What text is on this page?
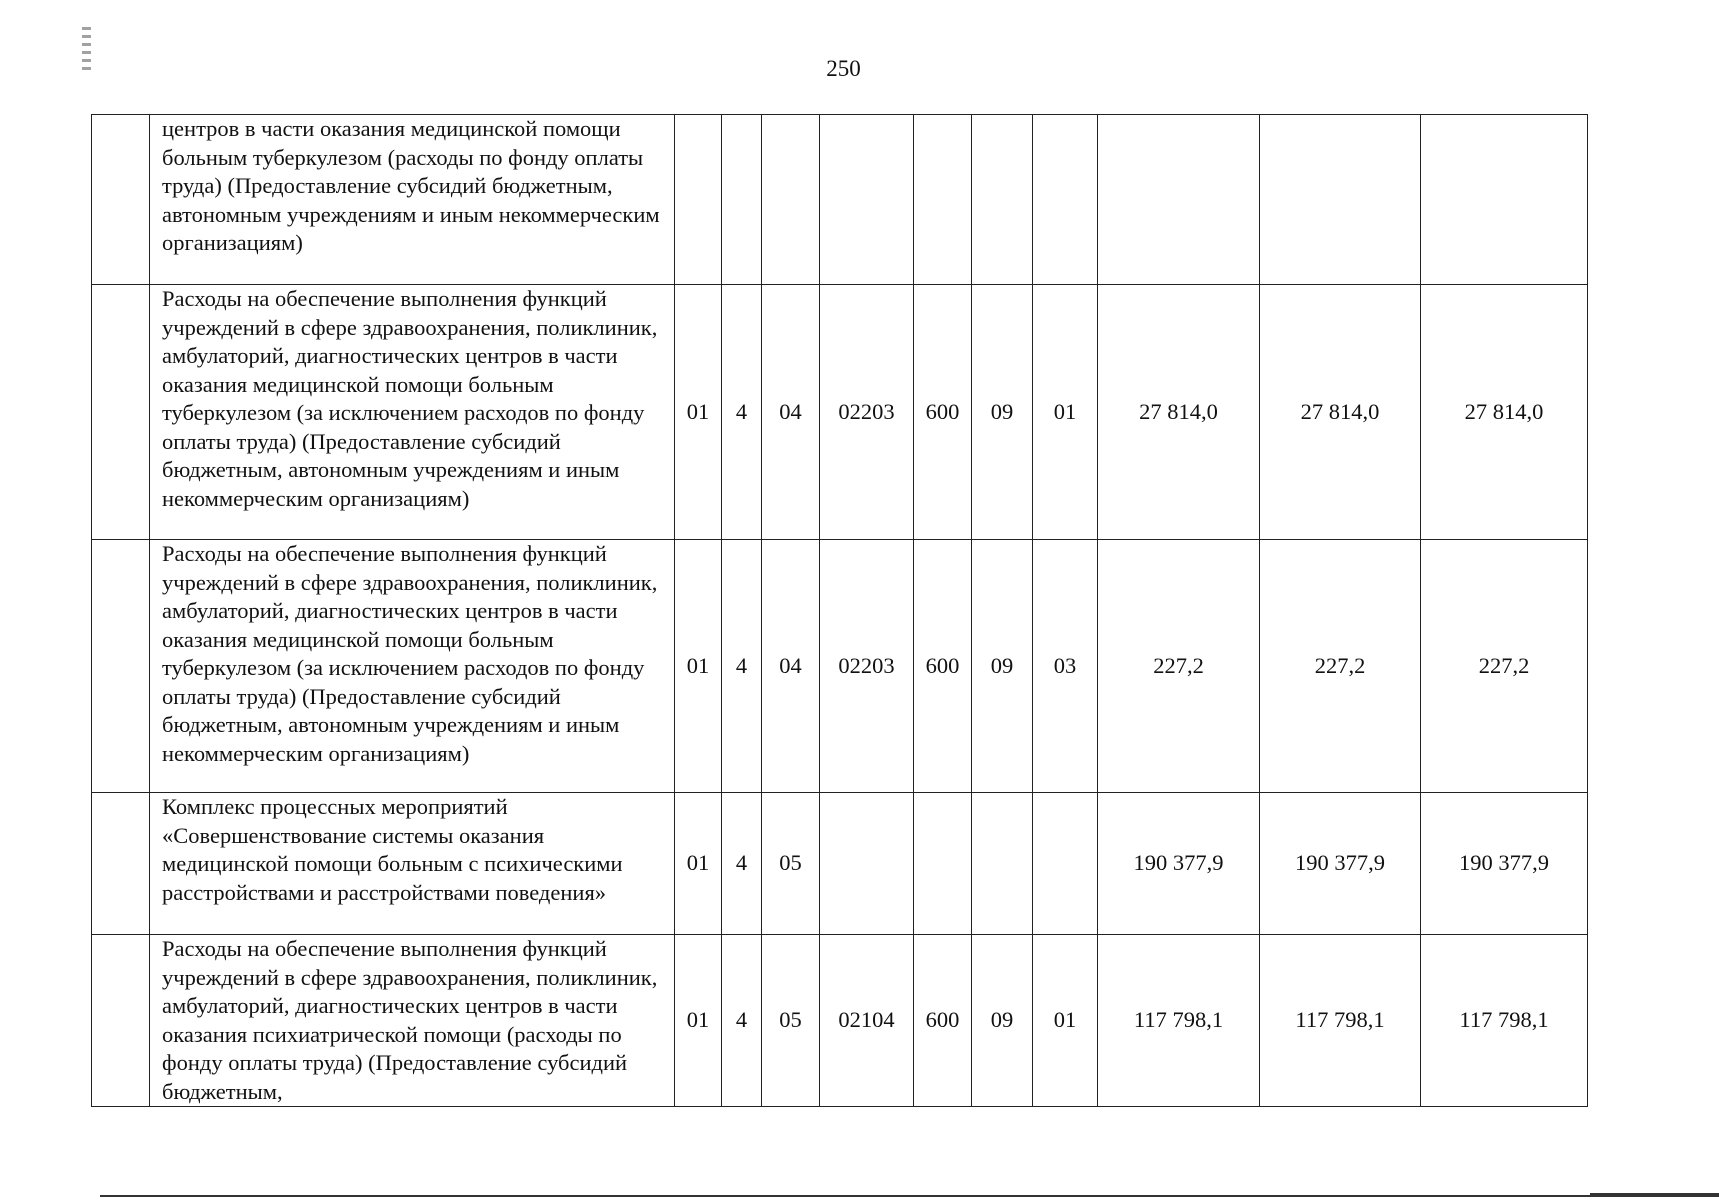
250
	центров в части оказания медицинской помощи больным туберкулезом (расходы по фонду оплаты труда) (Предоставление субсидий бюджетным, автономным учреждениям и иным некоммерческим организациям)										
	Расходы на обеспечение выполнения функций учреждений в сфере здравоохранения, поликлиник, амбулаторий, диагностических центров в части оказания медицинской помощи больным туберкулезом (за исключением расходов по фонду оплаты труда) (Предоставление субсидий бюджетным, автономным учреждениям и иным некоммерческим организациям)	01	4	04	02203	600	09	01	27 814,0	27 814,0	27 814,0
	Расходы на обеспечение выполнения функций учреждений в сфере здравоохранения, поликлиник, амбулаторий, диагностических центров в части оказания медицинской помощи больным туберкулезом (за исключением расходов по фонду оплаты труда) (Предоставление субсидий бюджетным, автономным учреждениям и иным некоммерческим организациям)	01	4	04	02203	600	09	03	227,2	227,2	227,2
	Комплекс процессных мероприятий «Совершенствование системы оказания медицинской помощи больным с психическими расстройствами и расстройствами поведения»	01	4	05					190 377,9	190 377,9	190 377,9
	Расходы на обеспечение выполнения функций учреждений в сфере здравоохранения, поликлиник, амбулаторий, диагностических центров в части оказания психиатрической помощи (расходы по фонду оплаты труда) (Предоставление субсидий бюджетным,	01	4	05	02104	600	09	01	117 798,1	117 798,1	117 798,1
